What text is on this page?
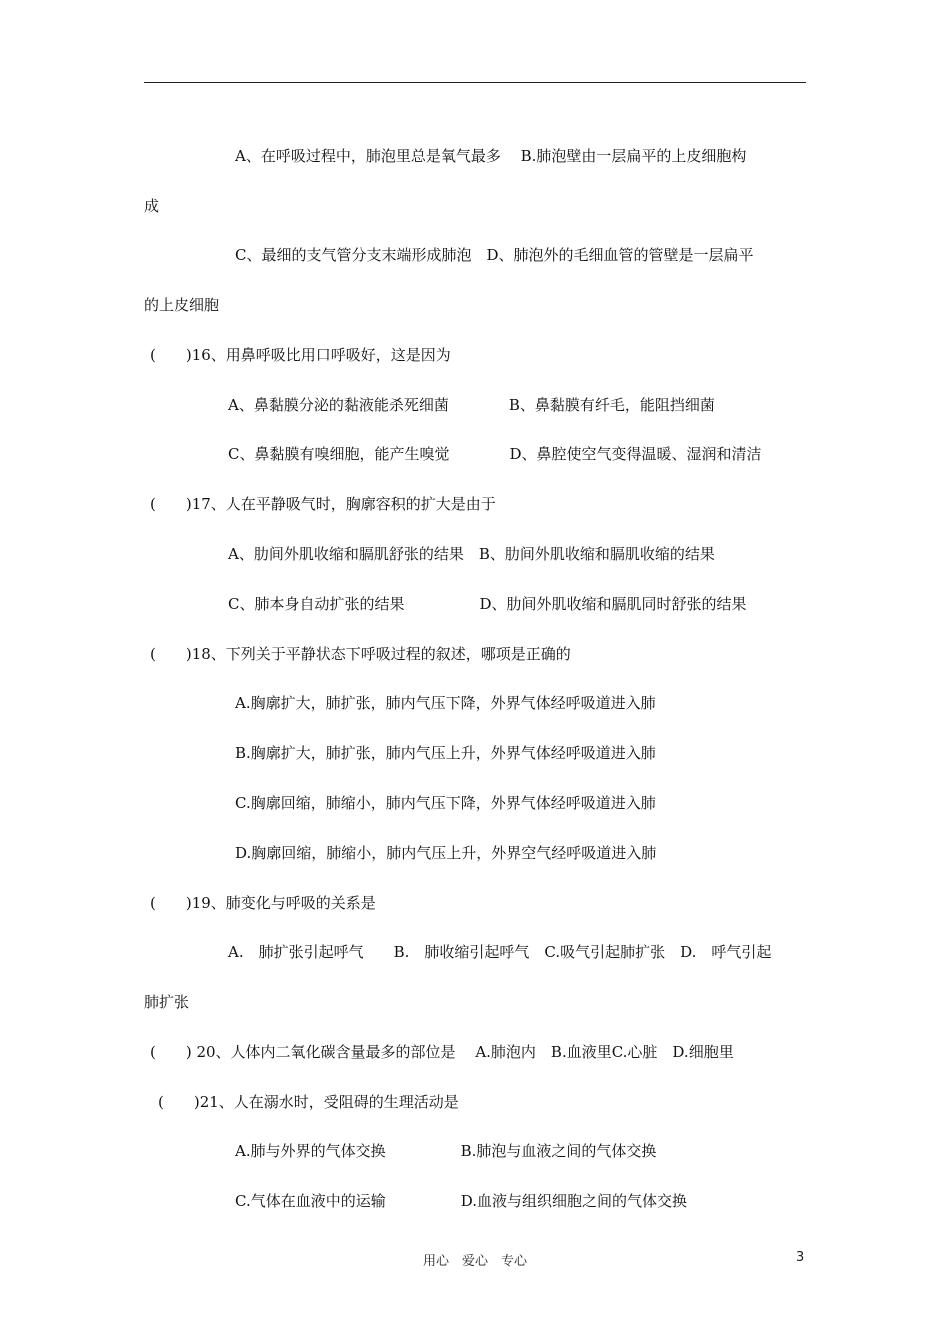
A、在呼吸过程中，肺泡里总是氧气最多　 B.肺泡壁由一层扁平的上皮细胞构
成
C、最细的支气管分支末端形成肺泡　D、肺泡外的毛细血管的管壁是一层扁平
的上皮细胞
(　　)16、用鼻呼吸比用口呼吸好，这是因为
A、鼻黏膜分泌的黏液能杀死细菌　　　　B、鼻黏膜有纤毛，能阻挡细菌
C、鼻黏膜有嗅细胞，能产生嗅觉　　　　D、鼻腔使空气变得温暖、湿润和清洁
(　　)17、人在平静吸气时，胸廓容积的扩大是由于
A、肋间外肌收缩和膈肌舒张的结果　B、肋间外肌收缩和膈肌收缩的结果
C、肺本身自动扩张的结果　　　　　D、肋间外肌收缩和膈肌同时舒张的结果
(　　)18、下列关于平静状态下呼吸过程的叙述，哪项是正确的
A.胸廓扩大，肺扩张，肺内气压下降，外界气体经呼吸道进入肺
B.胸廓扩大，肺扩张，肺内气压上升，外界气体经呼吸道进入肺
C.胸廓回缩，肺缩小，肺内气压下降，外界气体经呼吸道进入肺
D.胸廓回缩，肺缩小，肺内气压上升，外界空气经呼吸道进入肺
(　　)19、肺变化与呼吸的关系是
A.　肺扩张引起呼气　　B.　肺收缩引起呼气　C.吸气引起肺扩张　D.　呼气引起
肺扩张
(　　) 20、人体内二氧化碳含量最多的部位是　 A.肺泡内　B.血液里C.心脏　D.细胞里
(　　)21、人在溺水时，受阻碍的生理活动是
A.肺与外界的气体交换　　　　　B.肺泡与血液之间的气体交换
C.气体在血液中的运输　　　　　D.血液与组织细胞之间的气体交换
用心　爱心　专心	3
